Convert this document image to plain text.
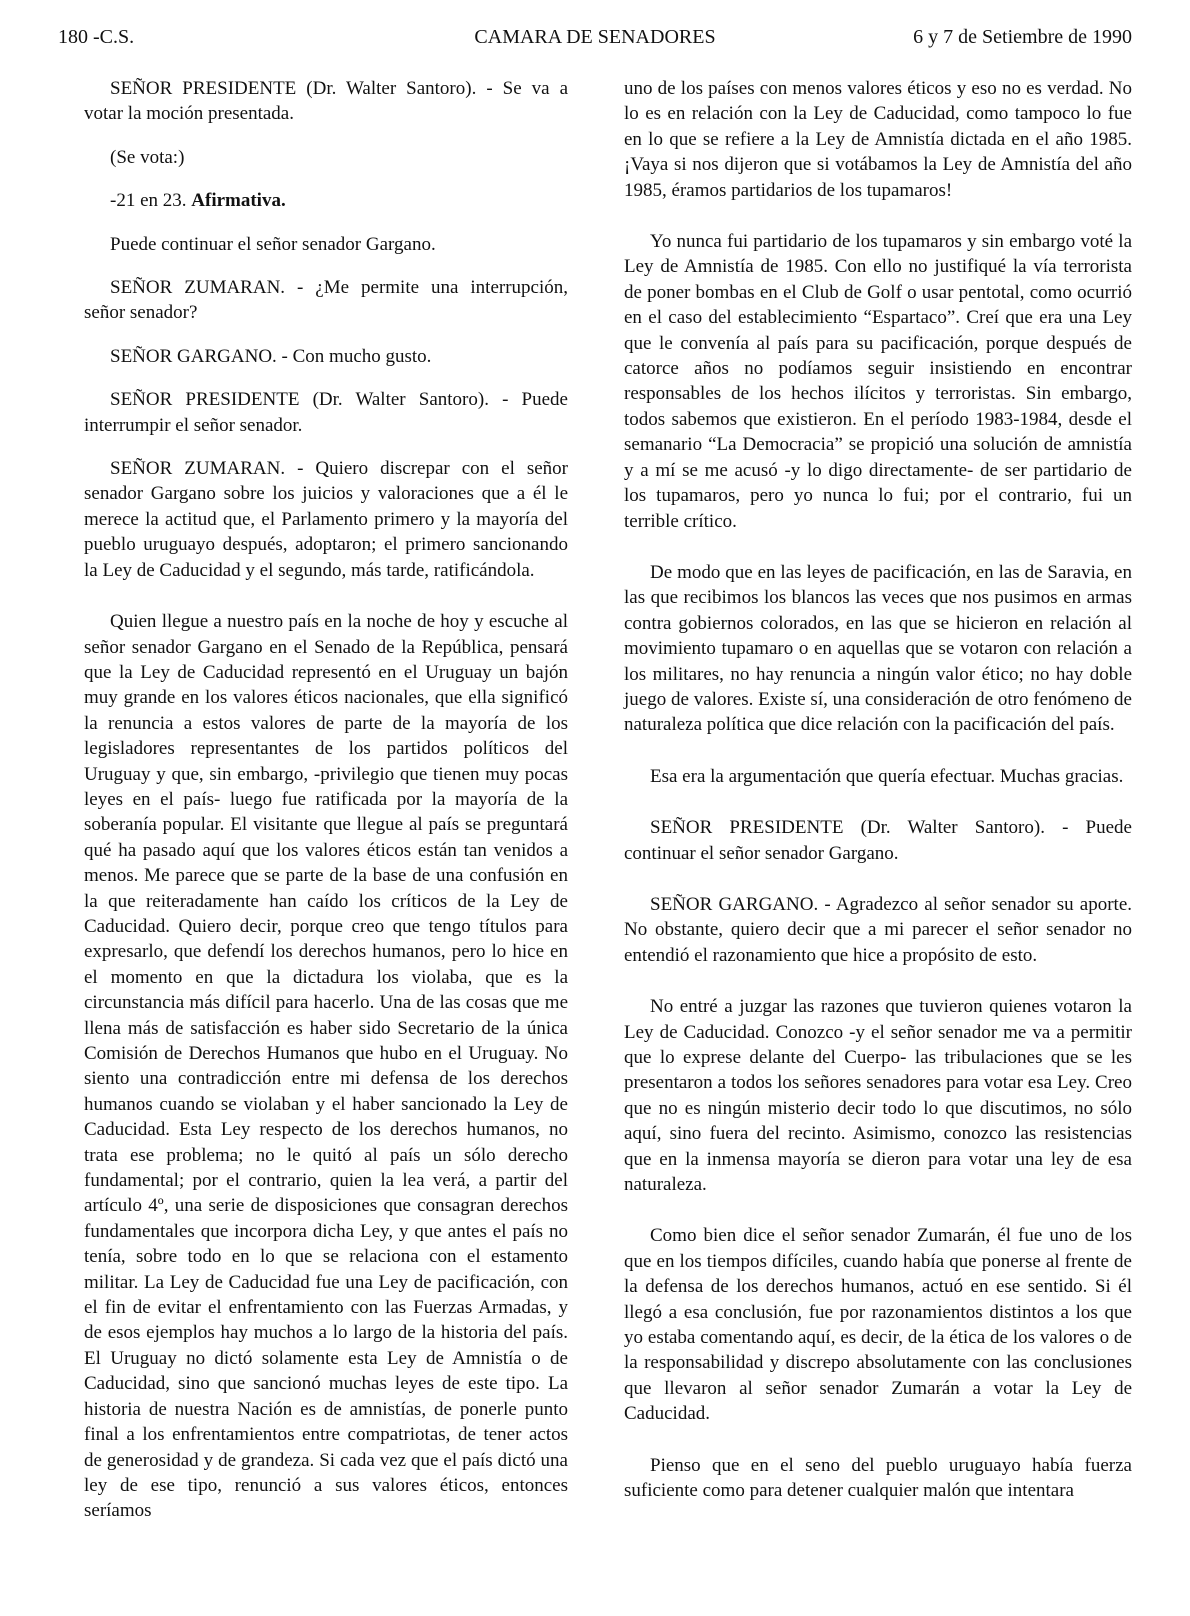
180 -C.S.	CAMARA DE SENADORES	6 y 7 de Setiembre de 1990

SEÑOR PRESIDENTE (Dr. Walter Santoro). - Se va a votar la moción presentada.

(Se vota:)

-21 en 23. Afirmativa.

Puede continuar el señor senador Gargano.

SEÑOR ZUMARAN. - ¿Me permite una interrupción, señor senador?

SEÑOR GARGANO. - Con mucho gusto.

SEÑOR PRESIDENTE (Dr. Walter Santoro). - Puede interrumpir el señor senador.

SEÑOR ZUMARAN. - Quiero discrepar con el señor senador Gargano sobre los juicios y valoraciones que a él le merece la actitud que, el Parlamento primero y la mayoría del pueblo uruguayo después, adoptaron; el primero sancionando la Ley de Caducidad y el segundo, más tarde, ratificándola.

Quien llegue a nuestro país en la noche de hoy y escuche al señor senador Gargano en el Senado de la República, pensará que la Ley de Caducidad representó en el Uruguay un bajón muy grande en los valores éticos nacionales, que ella significó la renuncia a estos valores de parte de la mayoría de los legisladores representantes de los partidos políticos del Uruguay y que, sin embargo, -privilegio que tienen muy pocas leyes en el país- luego fue ratificada por la mayoría de la soberanía popular. El visitante que llegue al país se preguntará qué ha pasado aquí que los valores éticos están tan venidos a menos. Me parece que se parte de la base de una confusión en la que reiteradamente han caído los críticos de la Ley de Caducidad. Quiero decir, porque creo que tengo títulos para expresarlo, que defendí los derechos humanos, pero lo hice en el momento en que la dictadura los violaba, que es la circunstancia más difícil para hacerlo. Una de las cosas que me llena más de satisfacción es haber sido Secretario de la única Comisión de Derechos Humanos que hubo en el Uruguay. No siento una contradicción entre mi defensa de los derechos humanos cuando se violaban y el haber sancionado la Ley de Caducidad. Esta Ley respecto de los derechos humanos, no trata ese problema; no le quitó al país un sólo derecho fundamental; por el contrario, quien la lea verá, a partir del artículo 4º, una serie de disposiciones que consagran derechos fundamentales que incorpora dicha Ley, y que antes el país no tenía, sobre todo en lo que se relaciona con el estamento militar. La Ley de Caducidad fue una Ley de pacificación, con el fin de evitar el enfrentamiento con las Fuerzas Armadas, y de esos ejemplos hay muchos a lo largo de la historia del país. El Uruguay no dictó solamente esta Ley de Amnistía o de Caducidad, sino que sancionó muchas leyes de este tipo. La historia de nuestra Nación es de amnistías, de ponerle punto final a los enfrentamientos entre compatriotas, de tener actos de generosidad y de grandeza. Si cada vez que el país dictó una ley de ese tipo, renunció a sus valores éticos, entonces seríamos

uno de los países con menos valores éticos y eso no es verdad. No lo es en relación con la Ley de Caducidad, como tampoco lo fue en lo que se refiere a la Ley de Amnistía dictada en el año 1985. ¡Vaya si nos dijeron que si votábamos la Ley de Amnistía del año 1985, éramos partidarios de los tupamaros!

Yo nunca fui partidario de los tupamaros y sin embargo voté la Ley de Amnistía de 1985. Con ello no justifiqué la vía terrorista de poner bombas en el Club de Golf o usar pentotal, como ocurrió en el caso del establecimiento “Espartaco”. Creí que era una Ley que le convenía al país para su pacificación, porque después de catorce años no podíamos seguir insistiendo en encontrar responsables de los hechos ilícitos y terroristas. Sin embargo, todos sabemos que existieron. En el período 1983-1984, desde el semanario “La Democracia” se propició una solución de amnistía y a mí se me acusó -y lo digo directamente- de ser partidario de los tupamaros, pero yo nunca lo fui; por el contrario, fui un terrible crítico.

De modo que en las leyes de pacificación, en las de Saravia, en las que recibimos los blancos las veces que nos pusimos en armas contra gobiernos colorados, en las que se hicieron en relación al movimiento tupamaro o en aquellas que se votaron con relación a los militares, no hay renuncia a ningún valor ético; no hay doble juego de valores. Existe sí, una consideración de otro fenómeno de naturaleza política que dice relación con la pacificación del país.

Esa era la argumentación que quería efectuar. Muchas gracias.

SEÑOR PRESIDENTE (Dr. Walter Santoro). - Puede continuar el señor senador Gargano.

SEÑOR GARGANO. - Agradezco al señor senador su aporte. No obstante, quiero decir que a mi parecer el señor senador no entendió el razonamiento que hice a propósito de esto.

No entré a juzgar las razones que tuvieron quienes votaron la Ley de Caducidad. Conozco -y el señor senador me va a permitir que lo exprese delante del Cuerpo- las tribulaciones que se les presentaron a todos los señores senadores para votar esa Ley. Creo que no es ningún misterio decir todo lo que discutimos, no sólo aquí, sino fuera del recinto. Asimismo, conozco las resistencias que en la inmensa mayoría se dieron para votar una ley de esa naturaleza.

Como bien dice el señor senador Zumarán, él fue uno de los que en los tiempos difíciles, cuando había que ponerse al frente de la defensa de los derechos humanos, actuó en ese sentido. Si él llegó a esa conclusión, fue por razonamientos distintos a los que yo estaba comentando aquí, es decir, de la ética de los valores o de la responsabilidad y discrepo absolutamente con las conclusiones que llevaron al señor senador Zumarán a votar la Ley de Caducidad.

Pienso que en el seno del pueblo uruguayo había fuerza suficiente como para detener cualquier malón que intentara
